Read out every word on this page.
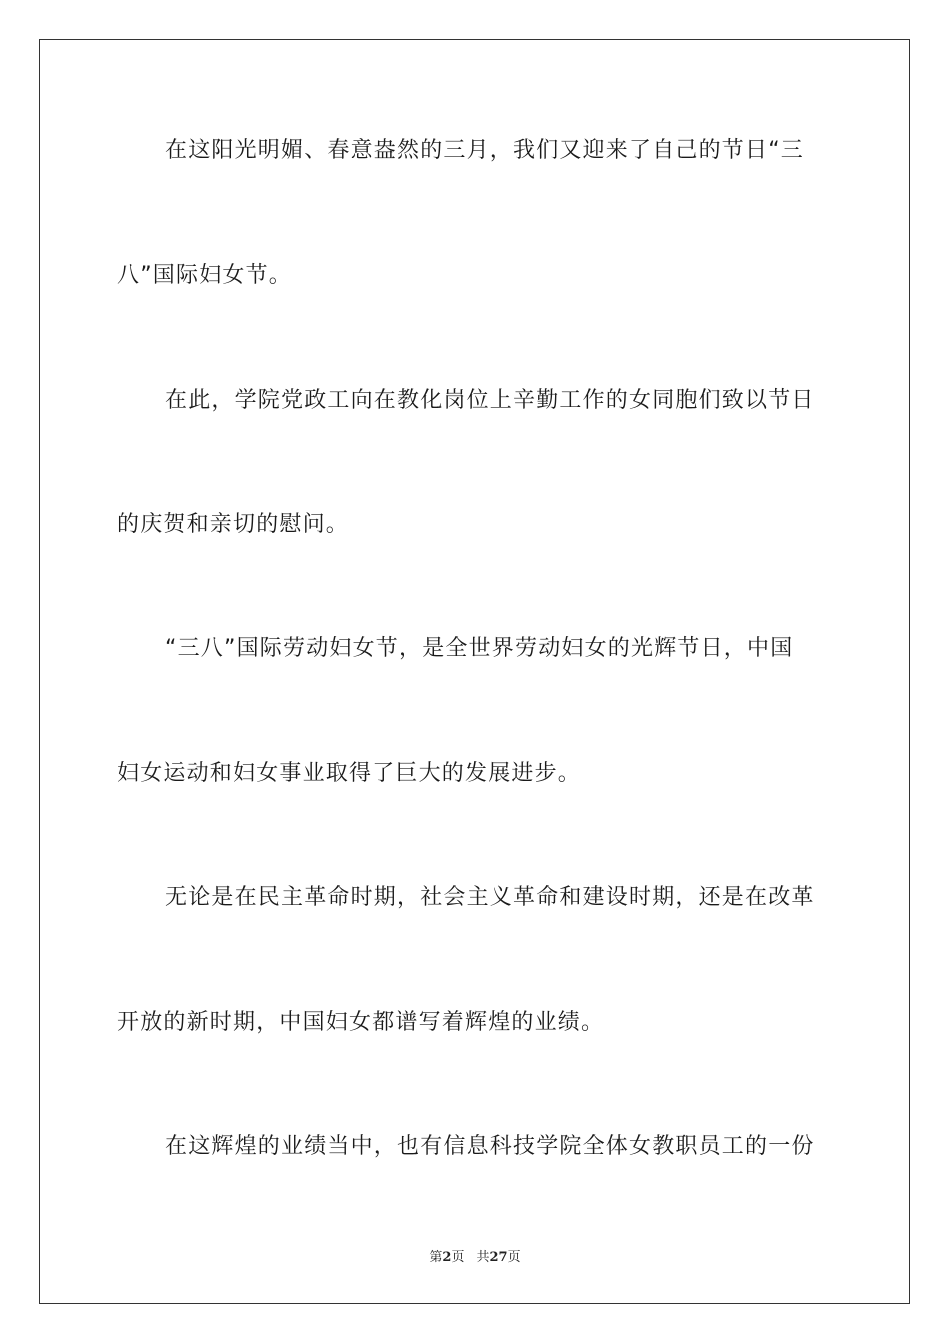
在这阳光明媚、春意盎然的三月，我们又迎来了自己的节日“三
八”国际妇女节。
在此，学院党政工向在教化岗位上辛勤工作的女同胞们致以节日
的庆贺和亲切的慰问。
“三八”国际劳动妇女节，是全世界劳动妇女的光辉节日，中国
妇女运动和妇女事业取得了巨大的发展进步。
无论是在民主革命时期，社会主义革命和建设时期，还是在改革
开放的新时期，中国妇女都谱写着辉煌的业绩。
在这辉煌的业绩当中，也有信息科技学院全体女教职员工的一份
第2页 共27页
